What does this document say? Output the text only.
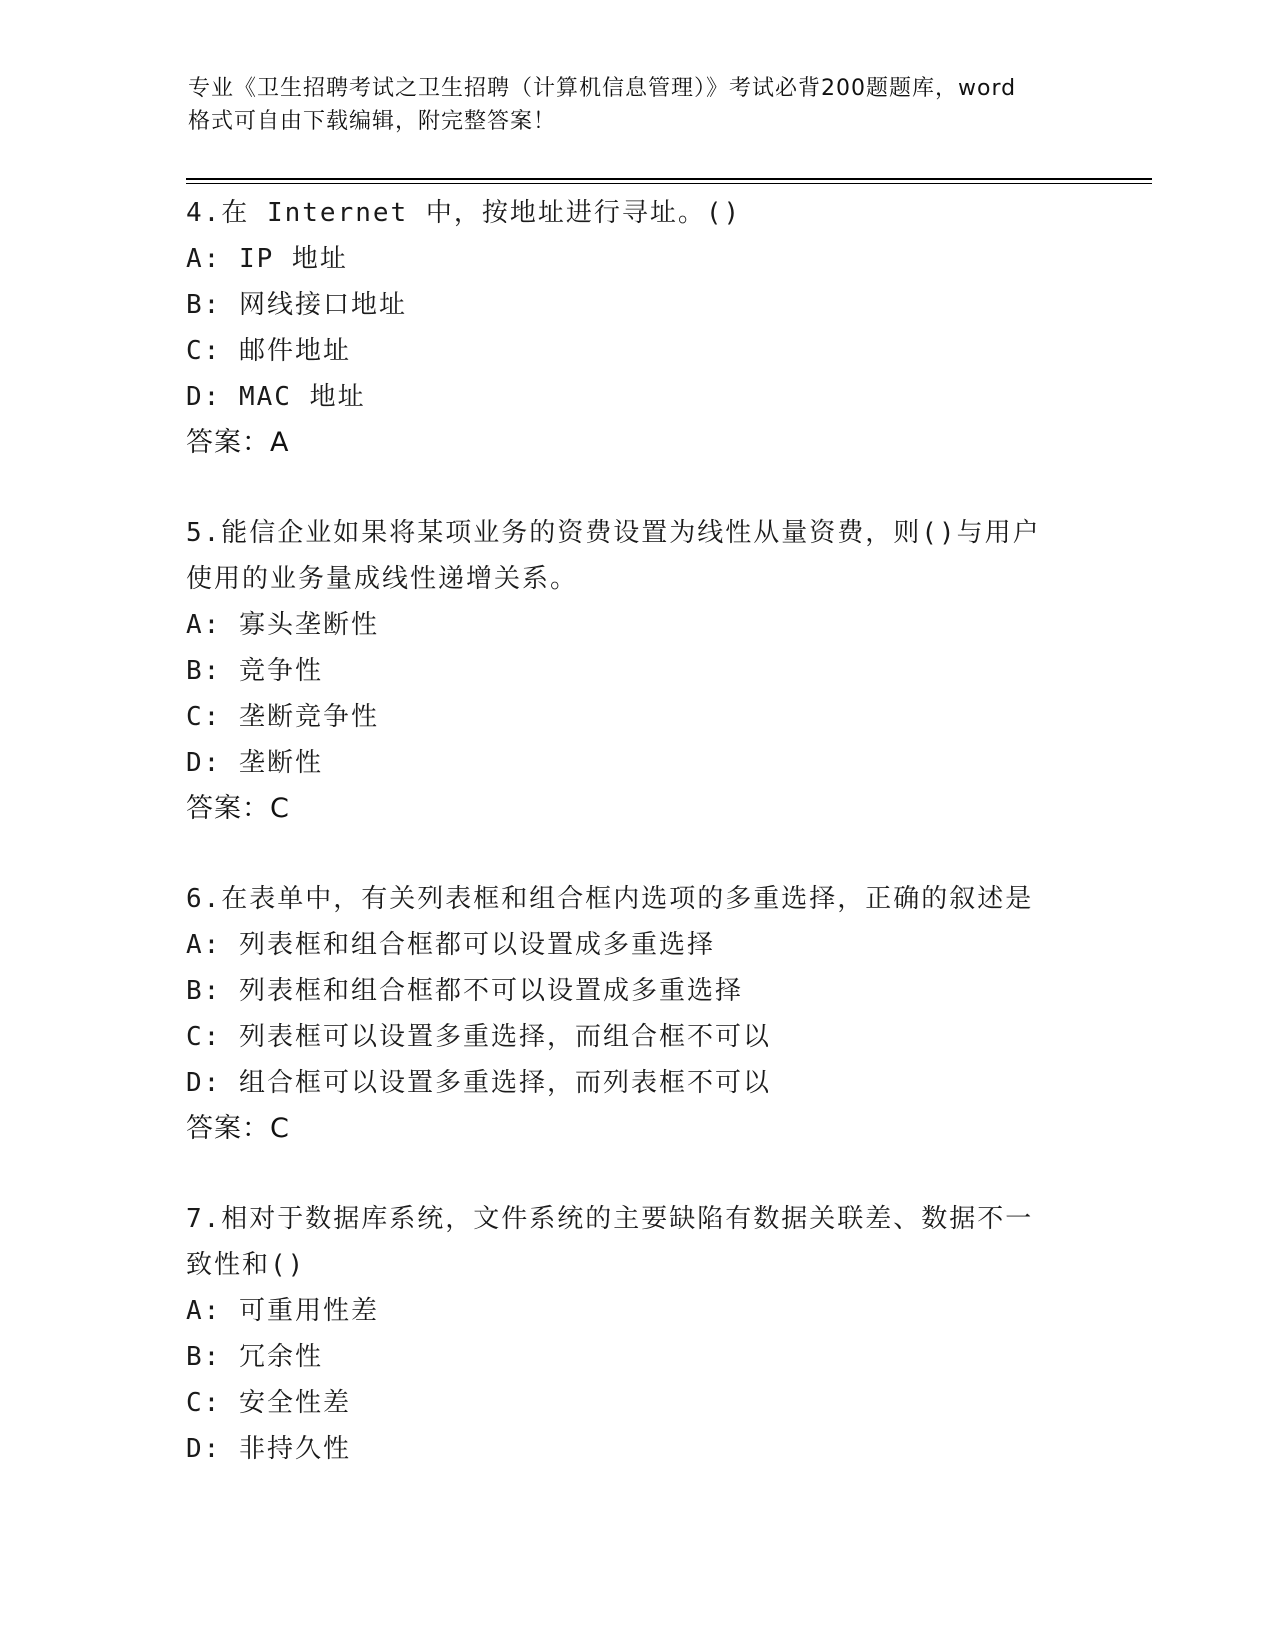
专业《卫生招聘考试之卫生招聘（计算机信息管理）》考试必背200题题库，word
格式可自由下载编辑，附完整答案！
4.在 Internet 中，按地址进行寻址。()
A: IP 地址
B: 网线接口地址
C: 邮件地址
D: MAC 地址
答案：A
5.能信企业如果将某项业务的资费设置为线性从量资费，则()与用户
使用的业务量成线性递增关系。
A: 寡头垄断性
B: 竞争性
C: 垄断竞争性
D: 垄断性
答案：C
6.在表单中，有关列表框和组合框内选项的多重选择，正确的叙述是
A: 列表框和组合框都可以设置成多重选择
B: 列表框和组合框都不可以设置成多重选择
C: 列表框可以设置多重选择，而组合框不可以
D: 组合框可以设置多重选择，而列表框不可以
答案：C
7.相对于数据库系统，文件系统的主要缺陷有数据关联差、数据不一
致性和()
A: 可重用性差
B: 冗余性
C: 安全性差
D: 非持久性
